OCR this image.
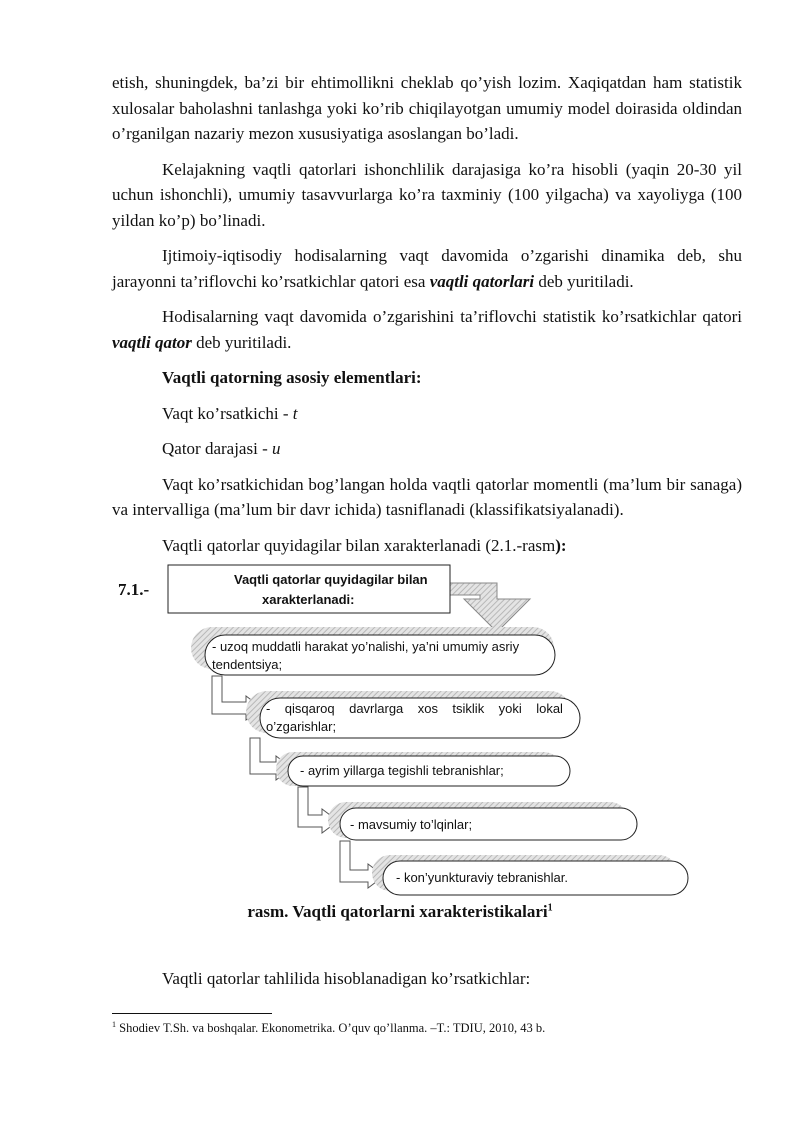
etish, shuningdek, ba’zi bir ehtimollikni cheklab qo’yish lozim. Xaqiqatdan ham statistik xulosalar baholashni tanlashga yoki ko’rib chiqilayotgan umumiy model doirasida oldindan o’rganilgan nazariy mezon xususiyatiga asoslangan bo’ladi.

Kelajakning vaqtli qatorlari ishonchlilik darajasiga ko’ra hisobli (yaqin 20-30 yil uchun ishonchli), umumiy tasavvurlarga ko’ra taxminiy (100 yilgacha) va xayoliyga (100 yildan ko’p) bo’linadi.

Ijtimoiy-iqtisodiy hodisalarning vaqt davomida o’zgarishi dinamika deb, shu jarayonni ta’riflovchi ko’rsatkichlar qatori esa vaqtli qatorlari deb yuritiladi.

Hodisalarning vaqt davomida o’zgarishini ta’riflovchi statistik ko’rsatkichlar qatori vaqtli qator deb yuritiladi.

Vaqtli qatorning asosiy elementlari:

Vaqt ko’rsatkichi - t

Qator darajasi - u

Vaqt ko’rsatkichidan bog’langan holda vaqtli qatorlar momentli (ma’lum bir sanaga) va intervalliga (ma’lum bir davr ichida) tasniflanadi (klassifikatsiyalanadi).

Vaqtli qatorlar quyidagilar bilan xarakterlanadi (2.1.-rasm):

7.1.-
Vaqtli qatorlar quyidagilar bilan
xarakterlanadi:
- uzoq muddatli harakat yo’nalishi, ya’ni umumiy asriy
tendentsiya;
-    qisqaroq    davrlarga    xos    tsiklik    yoki    lokal
o’zgarishlar;
- ayrim yillarga tegishli tebranishlar;
- mavsumiy to’lqinlar;
- kon’yunkturaviy tebranishlar.
rasm. Vaqtli qatorlarni xarakteristikalari$^1$
Vaqtli qatorlar tahlilida hisoblanadigan ko’rsatkichlar:
$^1$ Shodiev T.Sh. va boshqalar. Ekonometrika. O’quv qo’llanma. –T.: TDIU, 2010, 43 b.
